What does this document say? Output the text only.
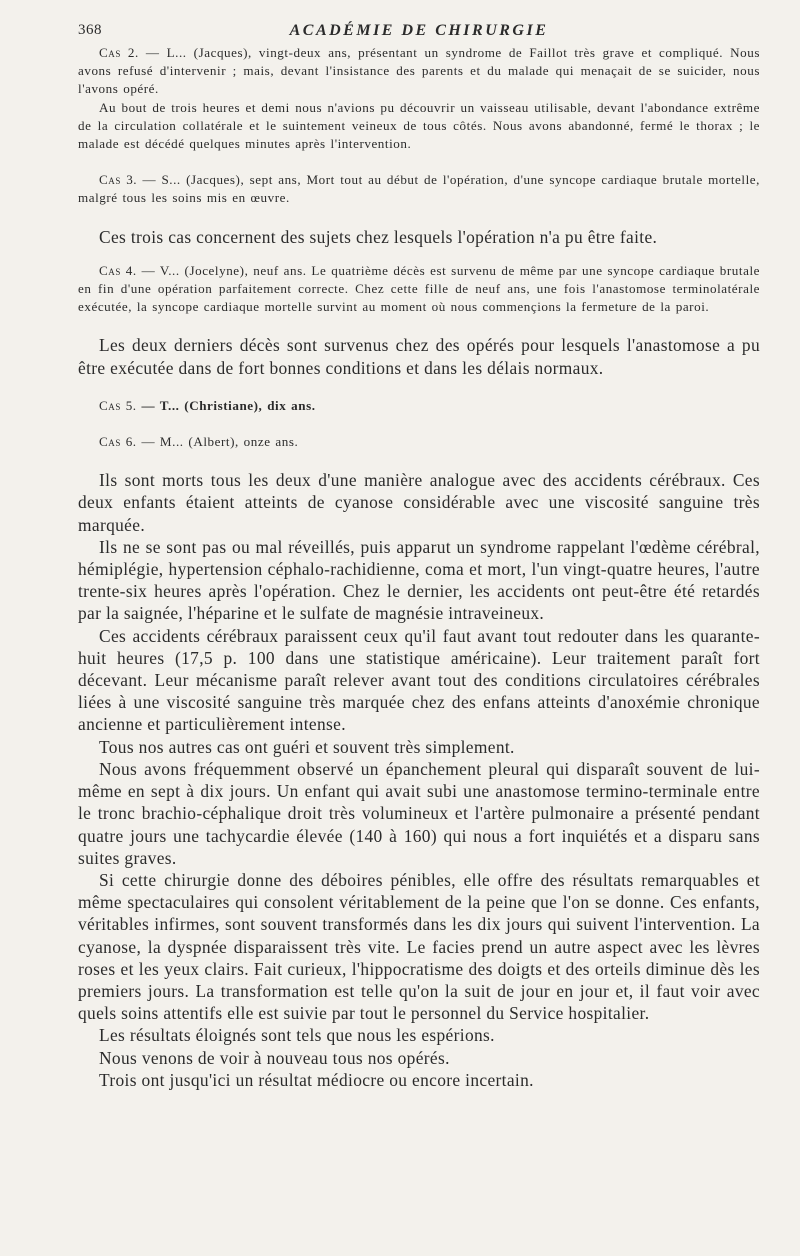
368	ACADÉMIE DE CHIRURGIE

Cas 2. — L... (Jacques), vingt-deux ans, présentant un syndrome de Faillot très grave et compliqué. Nous avons refusé d'intervenir ; mais, devant l'insistance des parents et du malade qui menaçait de se suicider, nous l'avons opéré.

Au bout de trois heures et demi nous n'avions pu découvrir un vaisseau utilisable, devant l'abondance extrême de la circulation collatérale et le suintement veineux de tous côtés. Nous avons abandonné, fermé le thorax ; le malade est décédé quelques minutes après l'intervention.

Cas 3. — S... (Jacques), sept ans, Mort tout au début de l'opération, d'une syncope cardiaque brutale mortelle, malgré tous les soins mis en œuvre.

Ces trois cas concernent des sujets chez lesquels l'opération n'a pu être faite.

Cas 4. — V... (Jocelyne), neuf ans. Le quatrième décès est survenu de même par une syncope cardiaque brutale en fin d'une opération parfaitement correcte. Chez cette fille de neuf ans, une fois l'anastomose terminolatérale exécutée, la syncope cardiaque mortelle survint au moment où nous commençions la fermeture de la paroi.

Les deux derniers décès sont survenus chez des opérés pour lesquels l'anastomose a pu être exécutée dans de fort bonnes conditions et dans les délais normaux.

Cas 5. — T... (Christiane), dix ans.

Cas 6. — M... (Albert), onze ans.

Ils sont morts tous les deux d'une manière analogue avec des accidents cérébraux. Ces deux enfants étaient atteints de cyanose considérable avec une viscosité sanguine très marquée.

Ils ne se sont pas ou mal réveillés, puis apparut un syndrome rappelant l'œdème cérébral, hémiplégie, hypertension céphalo-rachidienne, coma et mort, l'un vingt-quatre heures, l'autre trente-six heures après l'opération. Chez le dernier, les accidents ont peut-être été retardés par la saignée, l'héparine et le sulfate de magnésie intraveineux.

Ces accidents cérébraux paraissent ceux qu'il faut avant tout redouter dans les quarante-huit heures (17,5 p. 100 dans une statistique américaine). Leur traitement paraît fort décevant. Leur mécanisme paraît relever avant tout des conditions circulatoires cérébrales liées à une viscosité sanguine très marquée chez des enfans atteints d'anoxémie chronique ancienne et particulièrement intense.

Tous nos autres cas ont guéri et souvent très simplement.

Nous avons fréquemment observé un épanchement pleural qui disparaît souvent de lui-même en sept à dix jours. Un enfant qui avait subi une anastomose termino-terminale entre le tronc brachio-céphalique droit très volumineux et l'artère pulmonaire a présenté pendant quatre jours une tachycardie élevée (140 à 160) qui nous a fort inquiétés et a disparu sans suites graves.

Si cette chirurgie donne des déboires pénibles, elle offre des résultats remarquables et même spectaculaires qui consolent véritablement de la peine que l'on se donne. Ces enfants, véritables infirmes, sont souvent transformés dans les dix jours qui suivent l'intervention. La cyanose, la dyspnée disparaissent très vite. Le facies prend un autre aspect avec les lèvres roses et les yeux clairs. Fait curieux, l'hippocratisme des doigts et des orteils diminue dès les premiers jours. La transformation est telle qu'on la suit de jour en jour et, il faut voir avec quels soins attentifs elle est suivie par tout le personnel du Service hospitalier.

Les résultats éloignés sont tels que nous les espérions.

Nous venons de voir à nouveau tous nos opérés.

Trois ont jusqu'ici un résultat médiocre ou encore incertain.
